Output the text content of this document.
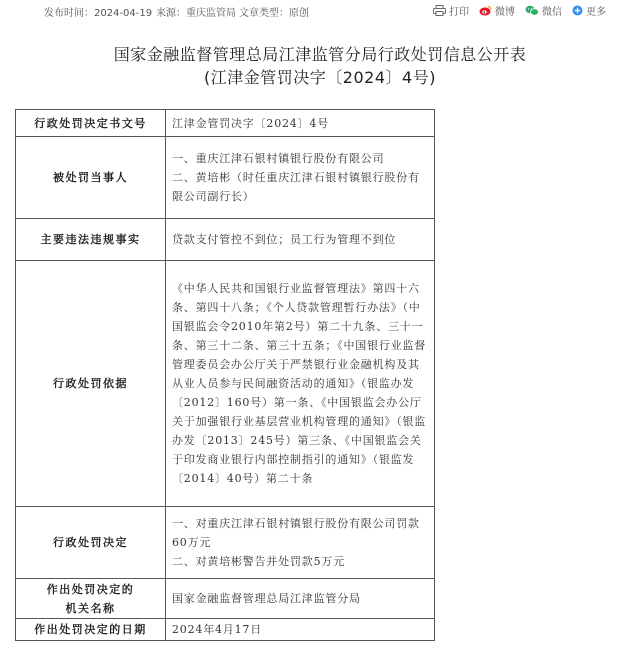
发布时间：2024-04-19 来源：重庆监管局 文章类型：原创	打印	微博	微信 更多
国家金融监督管理总局江津监管分局行政处罚信息公开表
(江津金管罚决字〔2024〕4号)
行政处罚决定书文号	江津金管罚决字〔2024〕4号

被处罚当事人	一、重庆江津石银村镇银行股份有限公司
二、黄培彬（时任重庆江津石银村镇银行股份有限公司副行长）

主要违法违规事实	贷款支付管控不到位；员工行为管理不到位

行政处罚依据	《中华人民共和国银行业监督管理法》第四十六条、第四十八条；《个人贷款管理暂行办法》（中国银监会令2010年第2号）第二十九条、三十一条、第三十二条、第三十五条；《中国银行业监督管理委员会办公厅关于严禁银行业金融机构及其从业人员参与民间融资活动的通知》（银监办发〔2012〕160号）第一条、《中国银监会办公厅关于加强银行业基层营业机构管理的通知》（银监办发〔2013〕245号）第三条、《中国银监会关于印发商业银行内部控制指引的通知》（银监发〔2014〕40号）第二十条

行政处罚决定	一、对重庆江津石银村镇银行股份有限公司罚款60万元
二、对黄培彬警告并处罚款5万元

作出处罚决定的
机关名称	国家金融监督管理总局江津监管分局

作出处罚决定的日期	2024年4月17日
